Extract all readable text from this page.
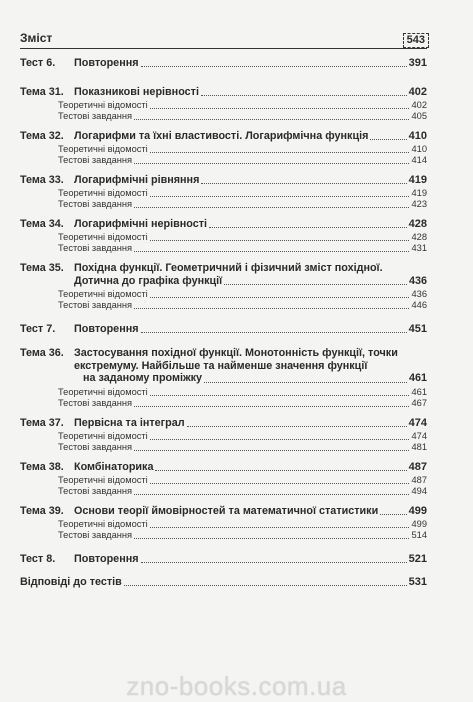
Зміст	543
Тест 6.	Повторення	391
Тема 31. Показникові нерівності	402
Теоретичні відомості	402
Тестові завдання	405
Тема 32. Логарифми та їхні властивості. Логарифмічна функція	410
Теоретичні відомості	410
Тестові завдання	414
Тема 33. Логарифмічні рівняння	419
Теоретичні відомості	419
Тестові завдання	423
Тема 34. Логарифмічні нерівності	428
Теоретичні відомості	428
Тестові завдання	431
Тема 35. Похідна функції. Геометричний і фізичний зміст похідної.
Дотична до графіка функції	436
Теоретичні відомості	436
Тестові завдання	446
Тест 7.	Повторення	451
Тема 36. Застосування похідної функції. Монотонність функції, точки
екстремуму. Найбільше та найменше значення функції
на заданому проміжку	461
Теоретичні відомості	461
Тестові завдання	467
Тема 37. Первісна та інтеграл	474
Теоретичні відомості	474
Тестові завдання	481
Тема 38. Комбінаторика	487
Теоретичні відомості	487
Тестові завдання	494
Тема 39. Основи теорії ймовірностей та математичної статистики	499
Теоретичні відомості	499
Тестові завдання	514
Тест 8.	Повторення	521
Відповіді до тестів	531
zno-books.com.ua
